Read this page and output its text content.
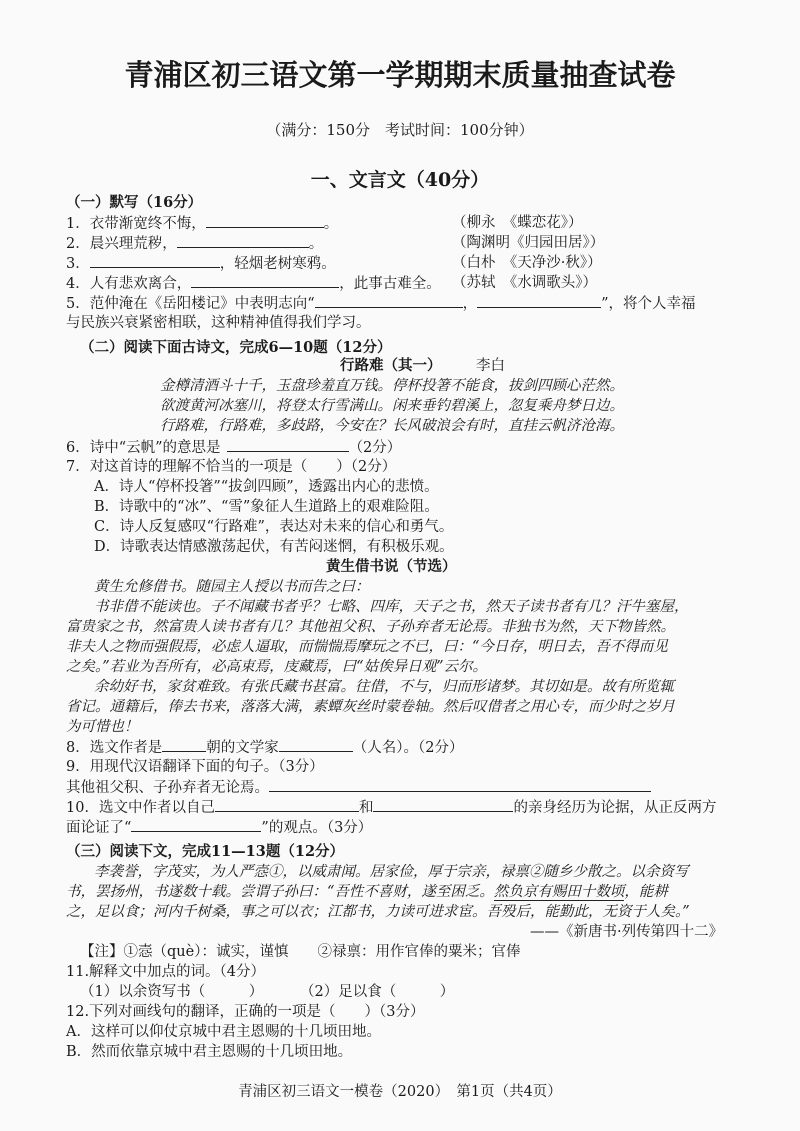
青浦区初三语文第一学期期末质量抽查试卷
（满分：150分　考试时间：100分钟）
一、文言文（40分）
（一）默写（16分）
1．衣带渐宽终不悔，	。	（柳永　《蝶恋花》）
2．晨兴理荒秽，	。	（陶渊明《归园田居》）
3．	，轻烟老树寒鸦。	（白朴　《天净沙·秋》）
4．人有悲欢离合，	，此事古难全。 （苏轼　《水调歌头》）
5．范仲淹在《岳阳楼记》中表明志向“	，	”，将个人幸福
与民族兴衰紧密相联，这种精神值得我们学习。
（二）阅读下面古诗文，完成6—10题（12分）
行路难（其一） 李白
金樽清酒斗十千，玉盘珍羞直万钱。停杯投箸不能食，拔剑四顾心茫然。
欲渡黄河冰塞川，将登太行雪满山。闲来垂钓碧溪上，忽复乘舟梦日边。
行路难，行路难，多歧路，今安在？长风破浪会有时，直挂云帆济沧海。
6．诗中“云帆”的意思是	（2分）
7．对这首诗的理解不恰当的一项是（　　）（2分）
A．诗人“停杯投箸”“拔剑四顾”，透露出内心的悲愤。
B．诗歌中的“冰”、“雪”象征人生道路上的艰难险阻。
C．诗人反复感叹“行路难”，表达对未来的信心和勇气。
D．诗歌表达情感激荡起伏，有苦闷迷惘，有积极乐观。
黄生借书说（节选）
黄生允修借书。随园主人授以书而告之曰：
书非借不能读也。子不闻藏书者乎？七略、四库，天子之书，然天子读书者有几？汗牛塞屋，
富贵家之书，然富贵人读书者有几？其他祖父积、子孙弃者无论焉。非独书为然，天下物皆然。
非夫人之物而强假焉，必虑人逼取，而惴惴焉摩玩之不已，曰：“今日存，明日去，吾不得而见
之矣。”若业为吾所有，必高束焉，庋藏焉，曰“姑俟异日观”云尔。
余幼好书，家贫难致。有张氏藏书甚富。往借，不与，归而形诸梦。其切如是。故有所览辄
省记。通籍后，俸去书来，落落大满，素蟫灰丝时蒙卷轴。然后叹借者之用心专，而少时之岁月
为可惜也！
8．选文作者是	朝的文学家	（人名）。（2分）
9．用现代汉语翻译下面的句子。（3分）
其他祖父积、子孙弃者无论焉。
10．选文中作者以自己	和	的亲身经历为论据，从正反两方
面论证了“	”的观点。（3分）
（三）阅读下文，完成11—13题（12分）
李袭誉，字茂实，为人严悫①，以威肃闻。居家俭，厚于宗亲，禄禀②随乡少散之。以余资写
书，罢扬州，书遂数十载。尝谓子孙曰：“吾性不喜财，遂至困乏。然负京有赐田十数顷，能耕
之，足以食；河内千树桑，事之可以衣；江都书，力读可进求宦。吾殁后，能勤此，无资于人矣。”
——《新唐书·列传第四十二》
【注】①悫（què）：诚实，谨慎　　②禄禀：用作官俸的粟米；官俸
11.解释文中加点的词。（4分）
（1）以余资写书（　　　）	（2）足以食（　　　）
12.下列对画线句的翻译，正确的一项是（　　）（3分）
A．这样可以仰仗京城中君主恩赐的十几顷田地。
B．然而依靠京城中君主恩赐的十几顷田地。
青浦区初三语文一模卷（2020）　第1页（共4页）
